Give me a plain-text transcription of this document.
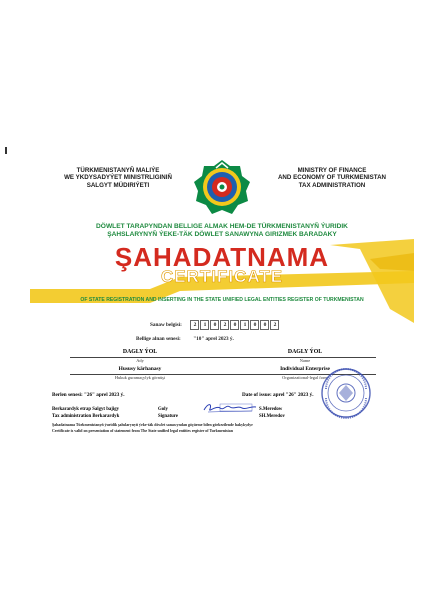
TÜRKMENISTANYŇ MALIÝE
WE YKDYSADYÝET MINISTRLIGINIŇ
SALGYT MÜDIRIÝETI
MINISTRY OF FINANCE
AND ECONOMY OF TURKMENISTAN
TAX ADMINISTRATION
DÖWLET TARAPYNDAN BELLIGE ALMAK HEM-DE TÜRKMENISTANYŇ ÝURIDIK
ŞAHSLARYNYŇ ÝEKE-TÄK DÖWLET SANAWYNA GIRIZMEK BARADAKY
ŞAHADATNAMA
CERTIFICATE
OF STATE REGISTRATION AND INSERTING IN THE STATE UNIFIED LEGAL ENTITIES REGISTER OF TURKMENISTAN
Sanaw belgisi: 2 1 0 2 0 1 0 0 2
Bellige alnan senesi: "10" aprel 2023 ý.
DAGLY ÝOL	DAGLY ÝOL
Ady	Name
Hususy kärhanasy	Individual Enterprise
Hukuk guramaçylyk görnüşi	Organizational-legal form
Berlen senesi: "26" aprel 2023 ý.	Date of issue: aprel "26" 2023 ý.
Berkarardyk etrap Salgyt bajigy
Tax administration Berkarardyk
Goly
Signature
S.Meredow
SH.Meredov
Şahadatnama Türkmenistanyň ýuridik şahslarynyň ýeke-täk döwlet sanawyndan göçürme bilen görkezilende hakykydyr
Certificate is valid on presentation of statement from The State unified legal entities register of Turkmenistan
